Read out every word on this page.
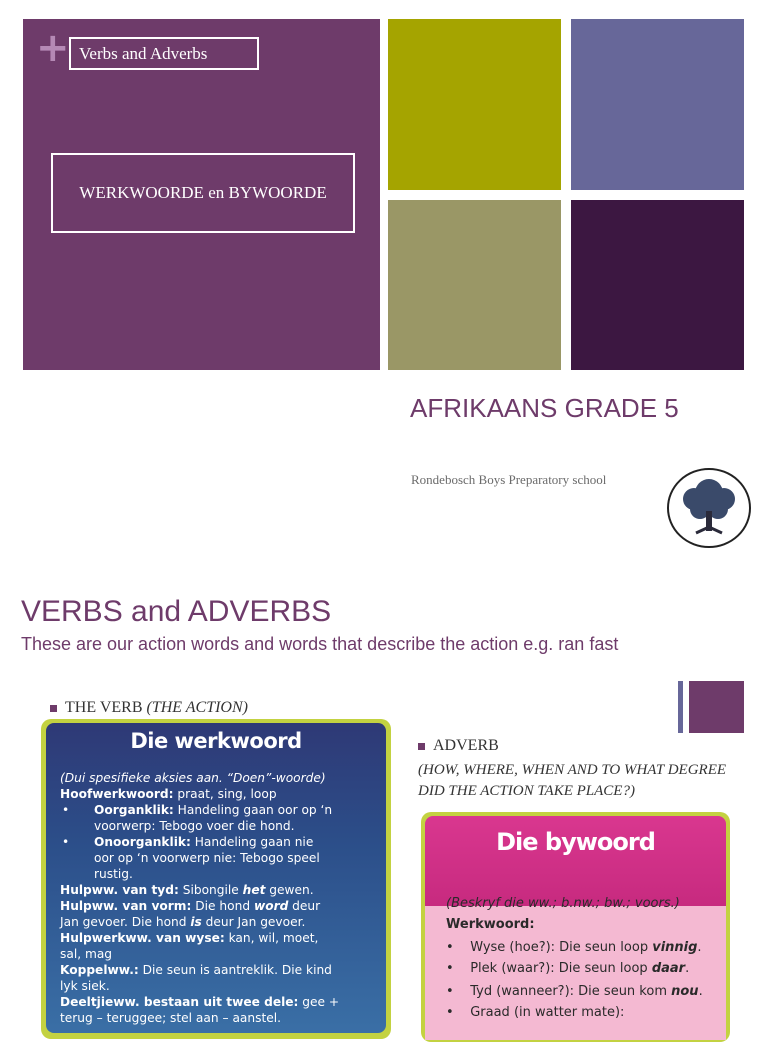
+ Verbs and Adverbs
WERKWOORDE en BYWOORDE
AFRIKAANS GRADE 5
Rondebosch Boys Preparatory school
VERBS and ADVERBS
These are our action words and words that describe the action e.g. ran fast
THE VERB (THE ACTION)
ADVERB
(HOW, WHERE, WHEN AND TO WHAT DEGREE DID THE ACTION TAKE PLACE?)
Die werkwoord
(Dui spesifieke aksies aan. “Doen”-woorde)
Hoofwerkwoord: praat, sing, loop
• Oorganklik: Handeling gaan oor op ‘n
voorwerp: Tebogo voer die hond.
• Onoorganklik: Handeling gaan nie
oor op ‘n voorwerp nie: Tebogo speel
rustig.
Hulpww. van tyd: Sibongile het gewen.
Hulpww. van vorm: Die hond word deur
Jan gevoer. Die hond is deur Jan gevoer.
Hulpwerkww. van wyse: kan, wil, moet,
sal, mag
Koppelww.: Die seun is aantreklik. Die kind
lyk siek.
Deeltjieww. bestaan uit twee dele: gee +
terug – teruggee; stel aan – aanstel.
Die bywoord
(Beskryf die ww.; b.nw.; bw.; voors.)
Werkwoord:
•    Wyse (hoe?): Die seun loop vinnig.
•    Plek (waar?): Die seun loop daar.
•    Tyd (wanneer?): Die seun kom nou.
•    Graad (in watter mate):
